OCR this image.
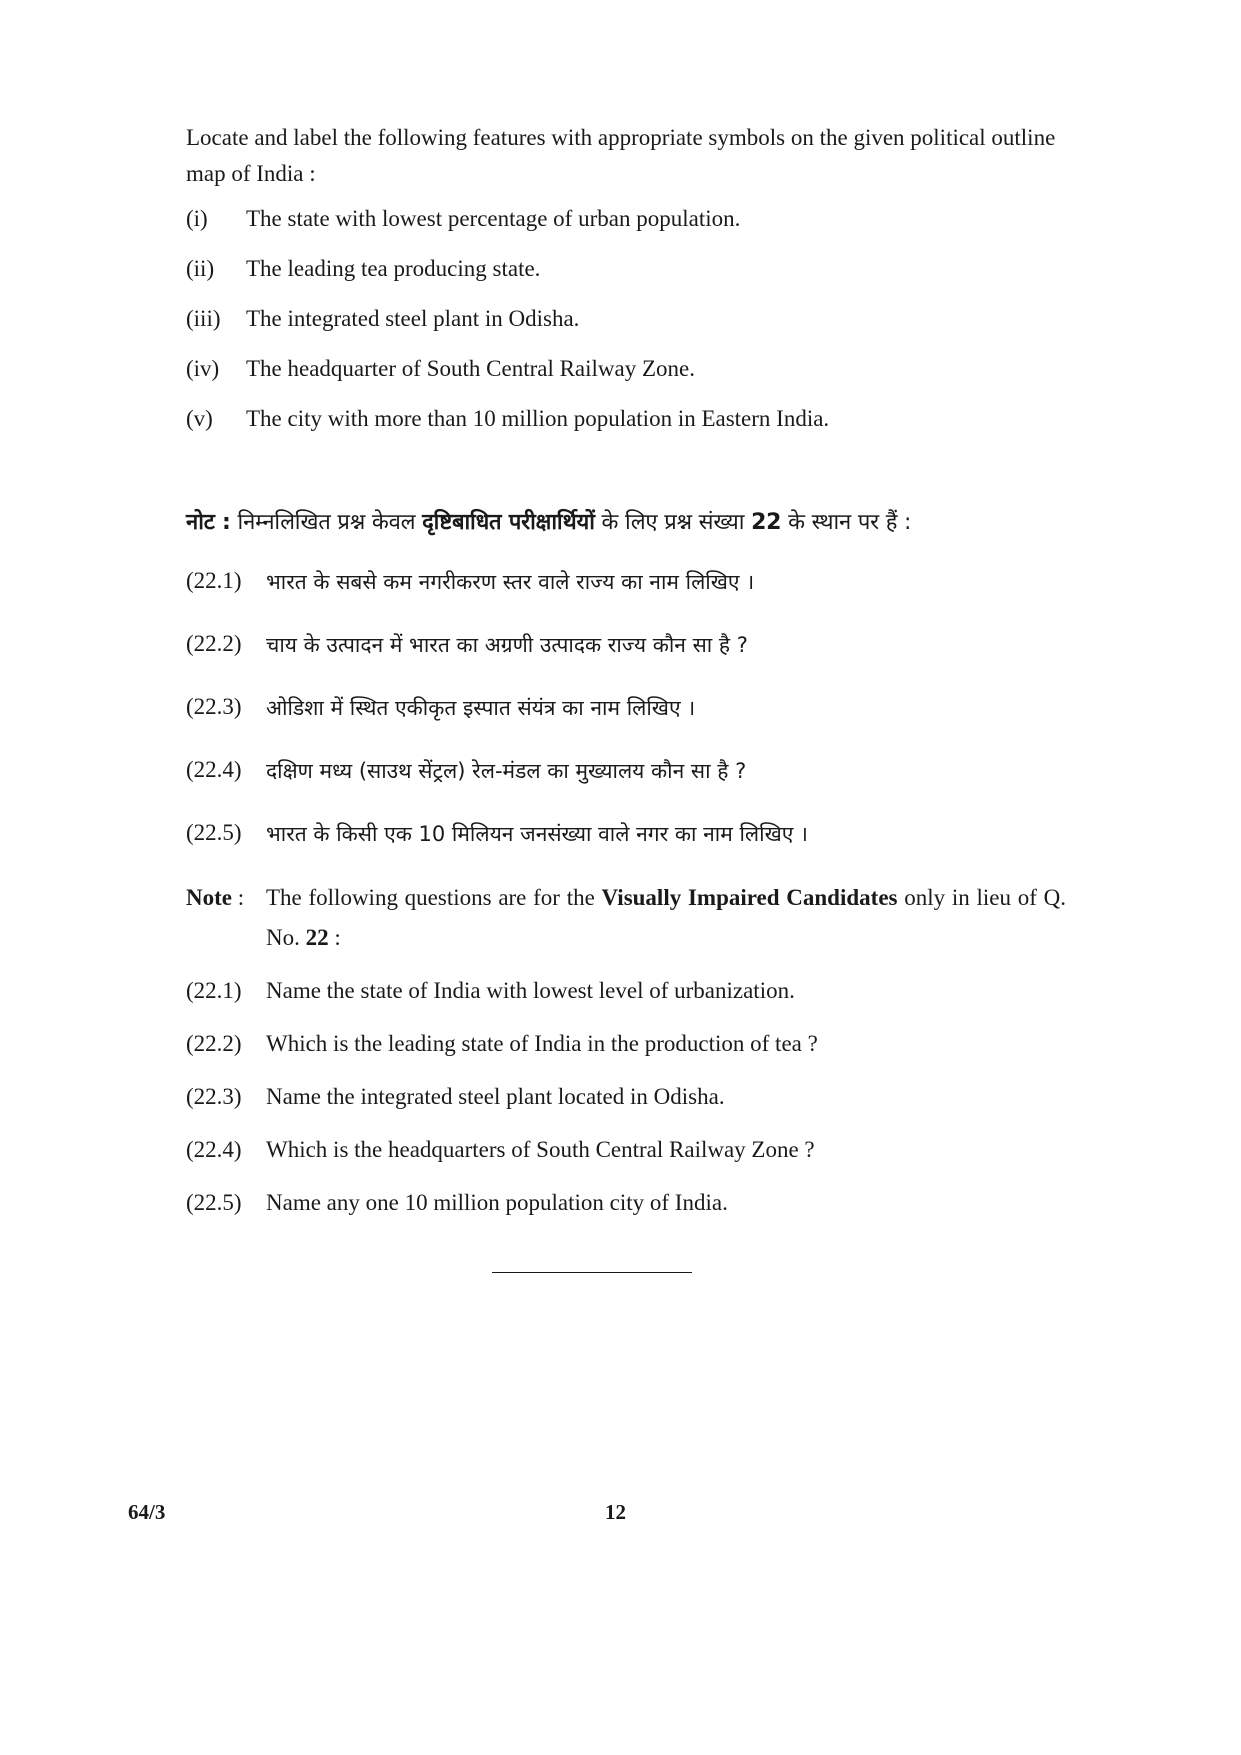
Locate and label the following features with appropriate symbols on the given political outline map of India :
(i)	The state with lowest percentage of urban population.
(ii)	The leading tea producing state.
(iii)	The integrated steel plant in Odisha.
(iv)	The headquarter of South Central Railway Zone.
(v)	The city with more than 10 million population in Eastern India.
नोट : निम्नलिखित प्रश्न केवल दृष्टिबाधित परीक्षार्थियों के लिए प्रश्न संख्या 22 के स्थान पर हैं :
(22.1)	भारत के सबसे कम नगरीकरण स्तर वाले राज्य का नाम लिखिए ।
(22.2)	चाय के उत्पादन में भारत का अग्रणी उत्पादक राज्य कौन सा है ?
(22.3)	ओडिशा में स्थित एकीकृत इस्पात संयंत्र का नाम लिखिए ।
(22.4)	दक्षिण मध्य (साउथ सेंट्रल) रेल-मंडल का मुख्यालय कौन सा है ?
(22.5)	भारत के किसी एक 10 मिलियन जनसंख्या वाले नगर का नाम लिखिए ।
Note : The following questions are for the Visually Impaired Candidates only in lieu of Q. No. 22 :
(22.1)	Name the state of India with lowest level of urbanization.
(22.2)	Which is the leading state of India in the production of tea ?
(22.3)	Name the integrated steel plant located in Odisha.
(22.4)	Which is the headquarters of South Central Railway Zone ?
(22.5)	Name any one 10 million population city of India.
64/3	12
